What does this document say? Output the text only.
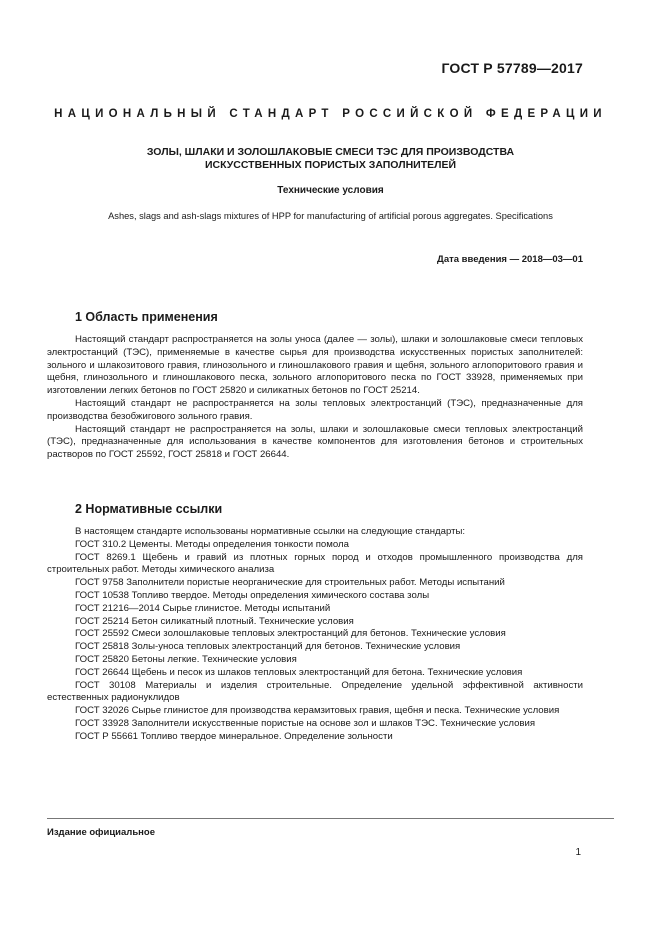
ГОСТ Р 57789—2017
НАЦИОНАЛЬНЫЙ СТАНДАРТ РОССИЙСКОЙ ФЕДЕРАЦИИ
ЗОЛЫ, ШЛАКИ И ЗОЛОШЛАКОВЫЕ СМЕСИ ТЭС ДЛЯ ПРОИЗВОДСТВА
ИСКУССТВЕННЫХ ПОРИСТЫХ ЗАПОЛНИТЕЛЕЙ
Технические условия
Ashes, slags and ash-slags mixtures of HPP for manufacturing of artificial porous aggregates. Specifications
Дата введения — 2018—03—01
1 Область применения

Настоящий стандарт распространяется на золы уноса (далее — золы), шлаки и золошлаковые смеси тепловых электростанций (ТЭС), применяемые в качестве сырья для производства искусственных пористых заполнителей: зольного и шлакозитового гравия, глинозольного и глиношлакового гравия и щебня, зольного аглопоритового гравия и щебня, глинозольного и глиношлакового песка, зольного аглопоритового песка по ГОСТ 33928, применяемых при изготовлении легких бетонов по ГОСТ 25820 и силикатных бетонов по ГОСТ 25214.

Настоящий стандарт не распространяется на золы тепловых электростанций (ТЭС), предназначенные для производства безобжигового зольного гравия.

Настоящий стандарт не распространяется на золы, шлаки и золошлаковые смеси тепловых электростанций (ТЭС), предназначенные для использования в качестве компонентов для изготовления бетонов и строительных растворов по ГОСТ 25592, ГОСТ 25818 и ГОСТ 26644.

2 Нормативные ссылки

В настоящем стандарте использованы нормативные ссылки на следующие стандарты:

ГОСТ 310.2 Цементы. Методы определения тонкости помола

ГОСТ 8269.1 Щебень и гравий из плотных горных пород и отходов промышленного производства для строительных работ. Методы химического анализа

ГОСТ 9758 Заполнители пористые неорганические для строительных работ. Методы испытаний

ГОСТ 10538 Топливо твердое. Методы определения химического состава золы

ГОСТ 21216—2014 Сырье глинистое. Методы испытаний

ГОСТ 25214 Бетон силикатный плотный. Технические условия

ГОСТ 25592 Смеси золошлаковые тепловых электростанций для бетонов. Технические условия

ГОСТ 25818 Золы-уноса тепловых электростанций для бетонов. Технические условия

ГОСТ 25820 Бетоны легкие. Технические условия

ГОСТ 26644 Щебень и песок из шлаков тепловых электростанций для бетона. Технические условия

ГОСТ 30108 Материалы и изделия строительные. Определение удельной эффективной активности естественных радионуклидов

ГОСТ 32026 Сырье глинистое для производства керамзитовых гравия, щебня и песка. Технические условия

ГОСТ 33928 Заполнители искусственные пористые на основе зол и шлаков ТЭС. Технические условия

ГОСТ Р 55661 Топливо твердое минеральное. Определение зольности

Издание официальное
1
